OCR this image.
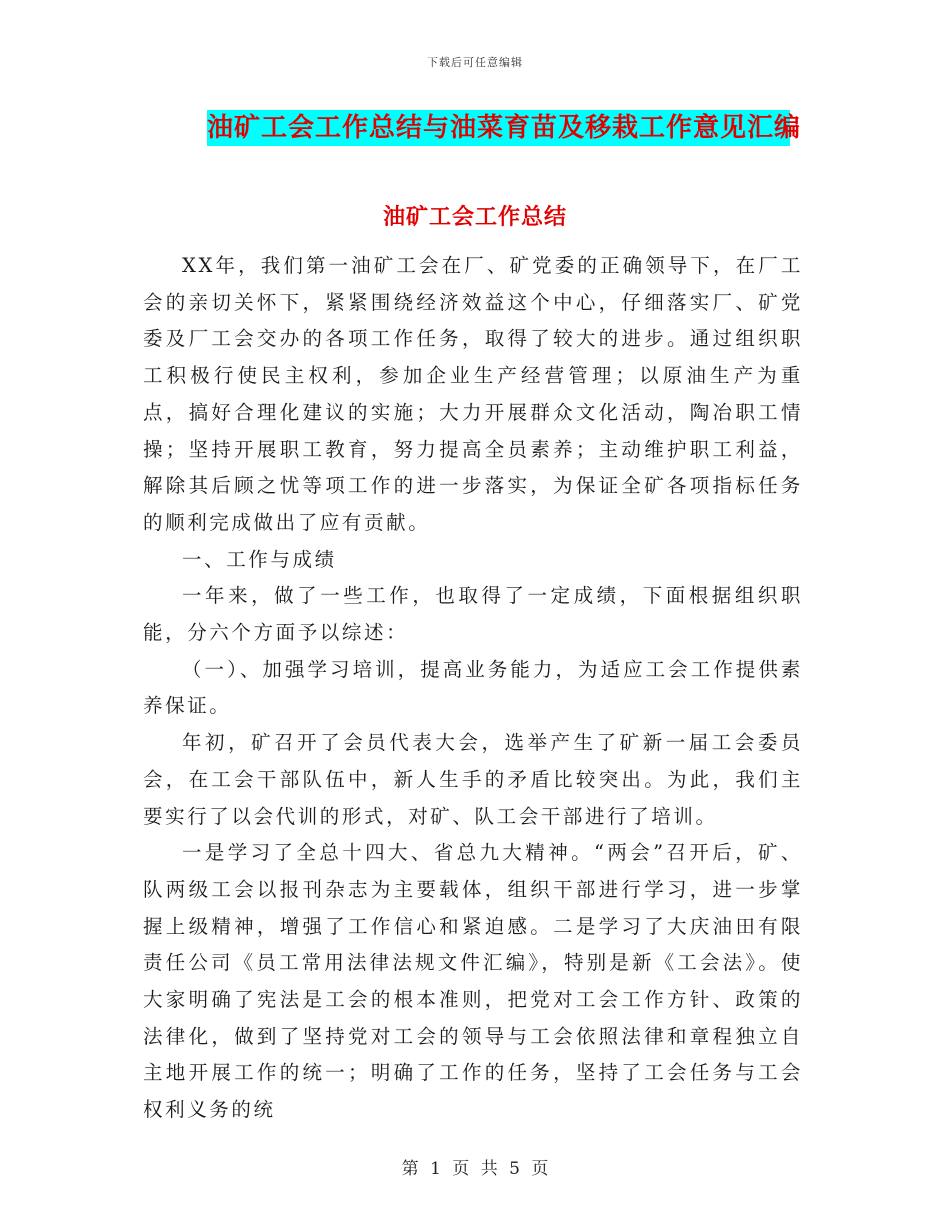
下载后可任意编辑
油矿工会工作总结与油菜育苗及移栽工作意见汇编
油矿工会工作总结

XX年，我们第一油矿工会在厂、矿党委的正确领导下，在厂工会的亲切关怀下，紧紧围绕经济效益这个中心，仔细落实厂、矿党委及厂工会交办的各项工作任务，取得了较大的进步。通过组织职工积极行使民主权利，参加企业生产经营管理；以原油生产为重点，搞好合理化建议的实施；大力开展群众文化活动，陶冶职工情操；坚持开展职工教育，努力提高全员素养；主动维护职工利益，解除其后顾之忧等项工作的进一步落实，为保证全矿各项指标任务的顺利完成做出了应有贡献。

一、工作与成绩

一年来，做了一些工作，也取得了一定成绩，下面根据组织职能，分六个方面予以综述：

（一）、加强学习培训，提高业务能力，为适应工会工作提供素养保证。

年初，矿召开了会员代表大会，选举产生了矿新一届工会委员会，在工会干部队伍中，新人生手的矛盾比较突出。为此，我们主要实行了以会代训的形式，对矿、队工会干部进行了培训。

一是学习了全总十四大、省总九大精神。“两会”召开后，矿、队两级工会以报刊杂志为主要载体，组织干部进行学习，进一步掌握上级精神，增强了工作信心和紧迫感。二是学习了大庆油田有限责任公司《员工常用法律法规文件汇编》，特别是新《工会法》。使大家明确了宪法是工会的根本准则，把党对工会工作方针、政策的法律化，做到了坚持党对工会的领导与工会依照法律和章程独立自主地开展工作的统一；明确了工作的任务，坚持了工会任务与工会权利义务的统

第 1 页 共 5 页
